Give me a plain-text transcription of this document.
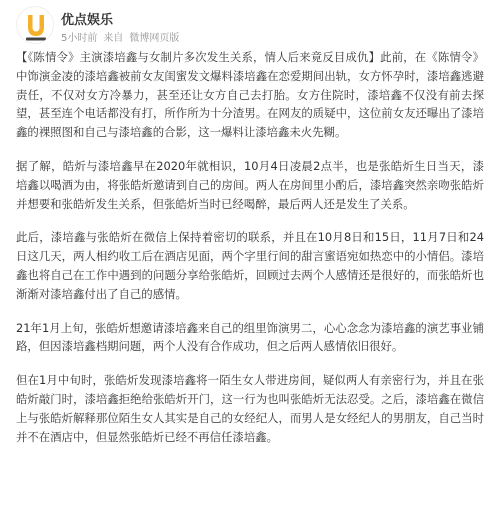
优点娱乐
5小时前 来自 微博网页版

【《陈情令》主演漆培鑫与女制片多次发生关系，情人后来竟反目成仇】此前，在《陈情令》中饰演金凌的漆培鑫被前女友闺蜜发文爆料漆培鑫在恋爱期间出轨，女方怀孕时，漆培鑫逃避责任，不仅对女方冷暴力，甚至还让女方自己去打胎。女方住院时，漆培鑫不仅没有前去探望，甚至连个电话都没有打，所作所为十分渣男。在网友的质疑中，这位前女友还曝出了漆培鑫的裸照图和自己与漆培鑫的合影，这一爆料让漆培鑫未火先糊。

据了解，皓炘与漆培鑫早在2020年就相识，10月4日凌晨2点半，也是张皓炘生日当天，漆培鑫以喝酒为由，将张皓炘邀请到自己的房间。两人在房间里小酌后，漆培鑫突然亲吻张皓炘并想要和张皓炘发生关系，但张皓炘当时已经喝醉，最后两人还是发生了关系。

此后，漆培鑫与张皓炘在微信上保持着密切的联系，并且在10月8日和15日，11月7日和24日这几天，两人相约收工后在酒店见面，两个字里行间的甜言蜜语宛如热恋中的小情侣。漆培鑫也将自己在工作中遇到的问题分享给张皓炘，回顾过去两个人感情还是很好的，而张皓炘也渐渐对漆培鑫付出了自己的感情。

21年1月上旬，张皓炘想邀请漆培鑫来自己的组里饰演男二，心心念念为漆培鑫的演艺事业铺路，但因漆培鑫档期问题，两个人没有合作成功，但之后两人感情依旧很好。

但在1月中旬时，张皓炘发现漆培鑫将一陌生女人带进房间，疑似两人有亲密行为，并且在张皓炘敲门时，漆培鑫拒绝给张皓炘开门，这一行为也叫张皓炘无法忍受。之后，漆培鑫在微信上与张皓炘解释那位陌生女人其实是自己的女经纪人，而男人是女经纪人的男朋友，自己当时并不在酒店中，但显然张皓炘已经不再信任漆培鑫。
